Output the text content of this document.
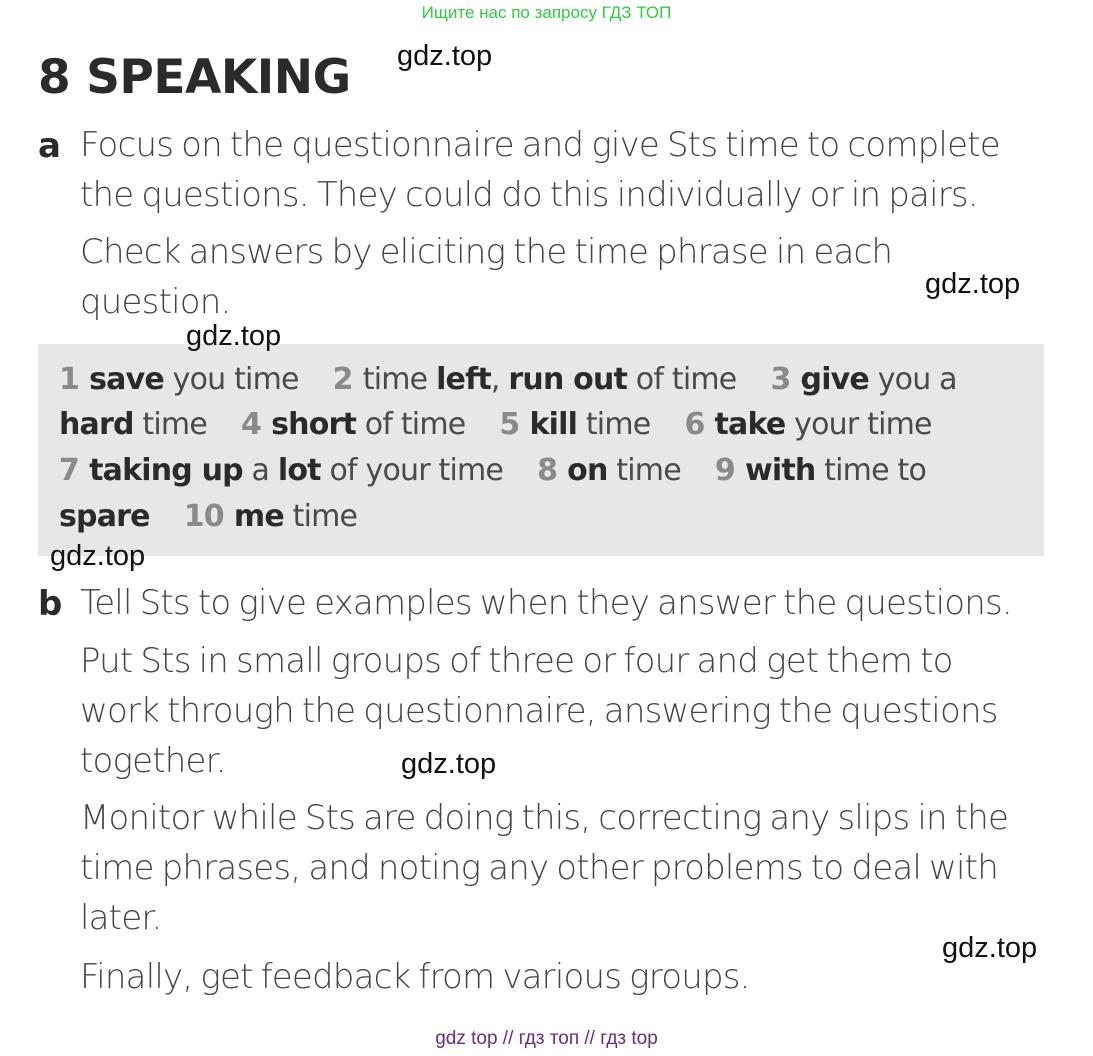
Ищите нас по запросу ГДЗ ТОП
8 SPEAKING gdz.top
a Focus on the questionnaire and give Sts time to complete
the questions. They could do this individually or in pairs.
Check answers by eliciting the time phrase in each
question.	gdz.top
1 save you time 2 time left, run out of time 3 give you a
hard time 4 short of time 5 kill time 6 take your time
7 taking up a lot of your time 8 on time 9 with time to
spare 10 me time
gdz.top
gdz.top
b Tell Sts to give examples when they answer the questions.
Put Sts in small groups of three or four and get them to
work through the questionnaire, answering the questions
together.
Monitor while Sts are doing this, correcting any slips in the
time phrases, and noting any other problems to deal with
later.
Finally, get feedback from various groups.
gdz.top
gdz.top
gdz top // гдз топ // гдз top
